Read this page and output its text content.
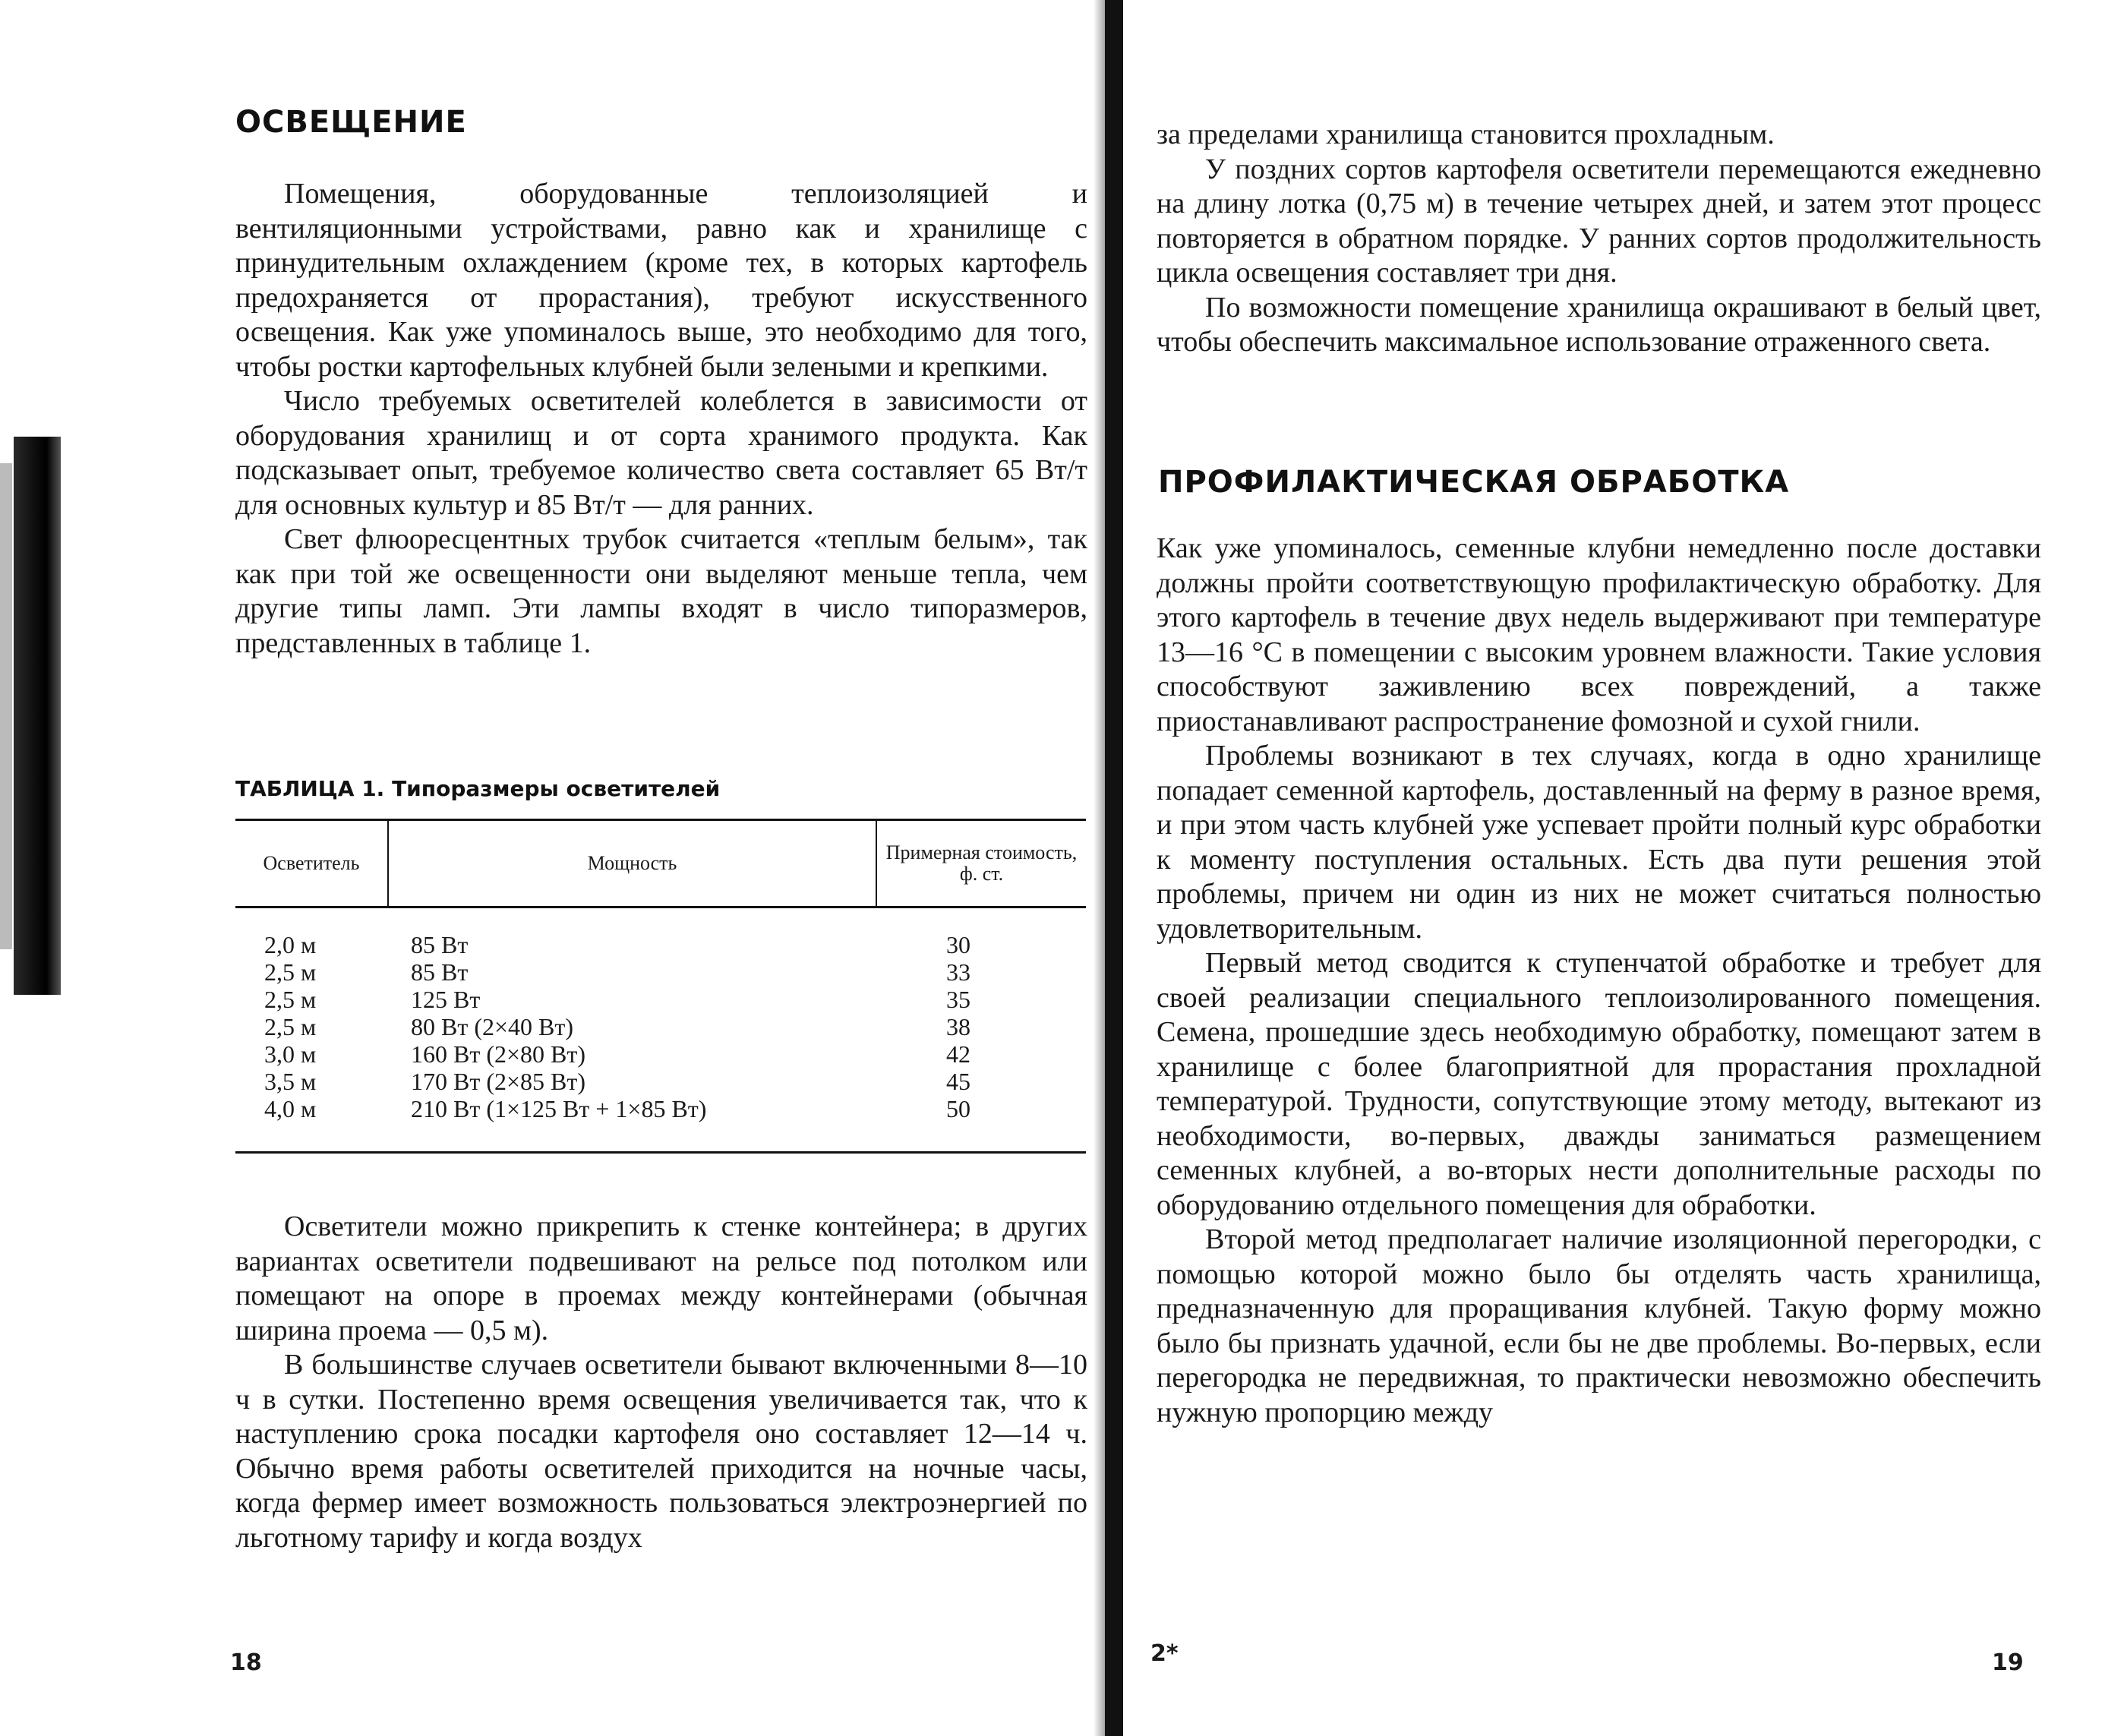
ОСВЕЩЕНИЕ

Помещения, оборудованные теплоизоляцией и вентиляционными устройствами, равно как и хранилище с принудительным охлаждением (кроме тех, в которых картофель предохраняется от прорастания), требуют искусственного освещения. Как уже упоминалось выше, это необходимо для того, чтобы ростки картофельных клубней были зелеными и крепкими.

Число требуемых осветителей колеблется в зависимости от оборудования хранилищ и от сорта хранимого продукта. Как подсказывает опыт, требуемое количество света составляет 65 Вт/т для основных культур и 85 Вт/т — для ранних.

Свет флюоресцентных трубок считается «теплым белым», так как при той же освещенности они выделяют меньше тепла, чем другие типы ламп. Эти лампы входят в число типоразмеров, представленных в таблице 1.

ТАБЛИЦА 1. Типоразмеры осветителей
Осветитель	Мощность	Примерная стоимость, ф. ст.
2,0 м	85 Вт	30
2,5 м	85 Вт	33
2,5 м	125 Вт	35
2,5 м	80 Вт (2×40 Вт)	38
3,0 м	160 Вт (2×80 Вт)	42
3,5 м	170 Вт (2×85 Вт)	45
4,0 м	210 Вт (1×125 Вт + 1×85 Вт)	50

Осветители можно прикрепить к стенке контейнера; в других вариантах осветители подвешивают на рельсе под потолком или помещают на опоре в проемах между контейнерами (обычная ширина проема — 0,5 м).

В большинстве случаев осветители бывают включенными 8—10 ч в сутки. Постепенно время освещения увеличивается так, что к наступлению срока посадки картофеля оно составляет 12—14 ч. Обычно время работы осветителей приходится на ночные часы, когда фермер имеет возможность пользоваться электроэнергией по льготному тарифу и когда воздух

18

за пределами хранилища становится прохладным.

У поздних сортов картофеля осветители перемещаются ежедневно на длину лотка (0,75 м) в течение четырех дней, и затем этот процесс повторяется в обратном порядке. У ранних сортов продолжительность цикла освещения составляет три дня.

По возможности помещение хранилища окрашивают в белый цвет, чтобы обеспечить максимальное использование отраженного света.

ПРОФИЛАКТИЧЕСКАЯ ОБРАБОТКА

Как уже упоминалось, семенные клубни немедленно после доставки должны пройти соответствующую профилактическую обработку. Для этого картофель в течение двух недель выдерживают при температуре 13—16 °С в помещении с высоким уровнем влажности. Такие условия способствуют заживлению всех повреждений, а также приостанавливают распространение фомозной и сухой гнили.

Проблемы возникают в тех случаях, когда в одно хранилище попадает семенной картофель, доставленный на ферму в разное время, и при этом часть клубней уже успевает пройти полный курс обработки к моменту поступления остальных. Есть два пути решения этой проблемы, причем ни один из них не может считаться полностью удовлетворительным.

Первый метод сводится к ступенчатой обработке и требует для своей реализации специального теплоизолированного помещения. Семена, прошедшие здесь необходимую обработку, помещают затем в хранилище с более благоприятной для прорастания прохладной температурой. Трудности, сопутствующие этому методу, вытекают из необходимости, во-первых, дважды заниматься размещением семенных клубней, а во-вторых нести дополнительные расходы по оборудованию отдельного помещения для обработки.

Второй метод предполагает наличие изоляционной перегородки, с помощью которой можно было бы отделять часть хранилища, предназначенную для проращивания клубней. Такую форму можно было бы признать удачной, если бы не две проблемы. Во-первых, если перегородка не передвижная, то практически невозможно обеспечить нужную пропорцию между

2*	19
